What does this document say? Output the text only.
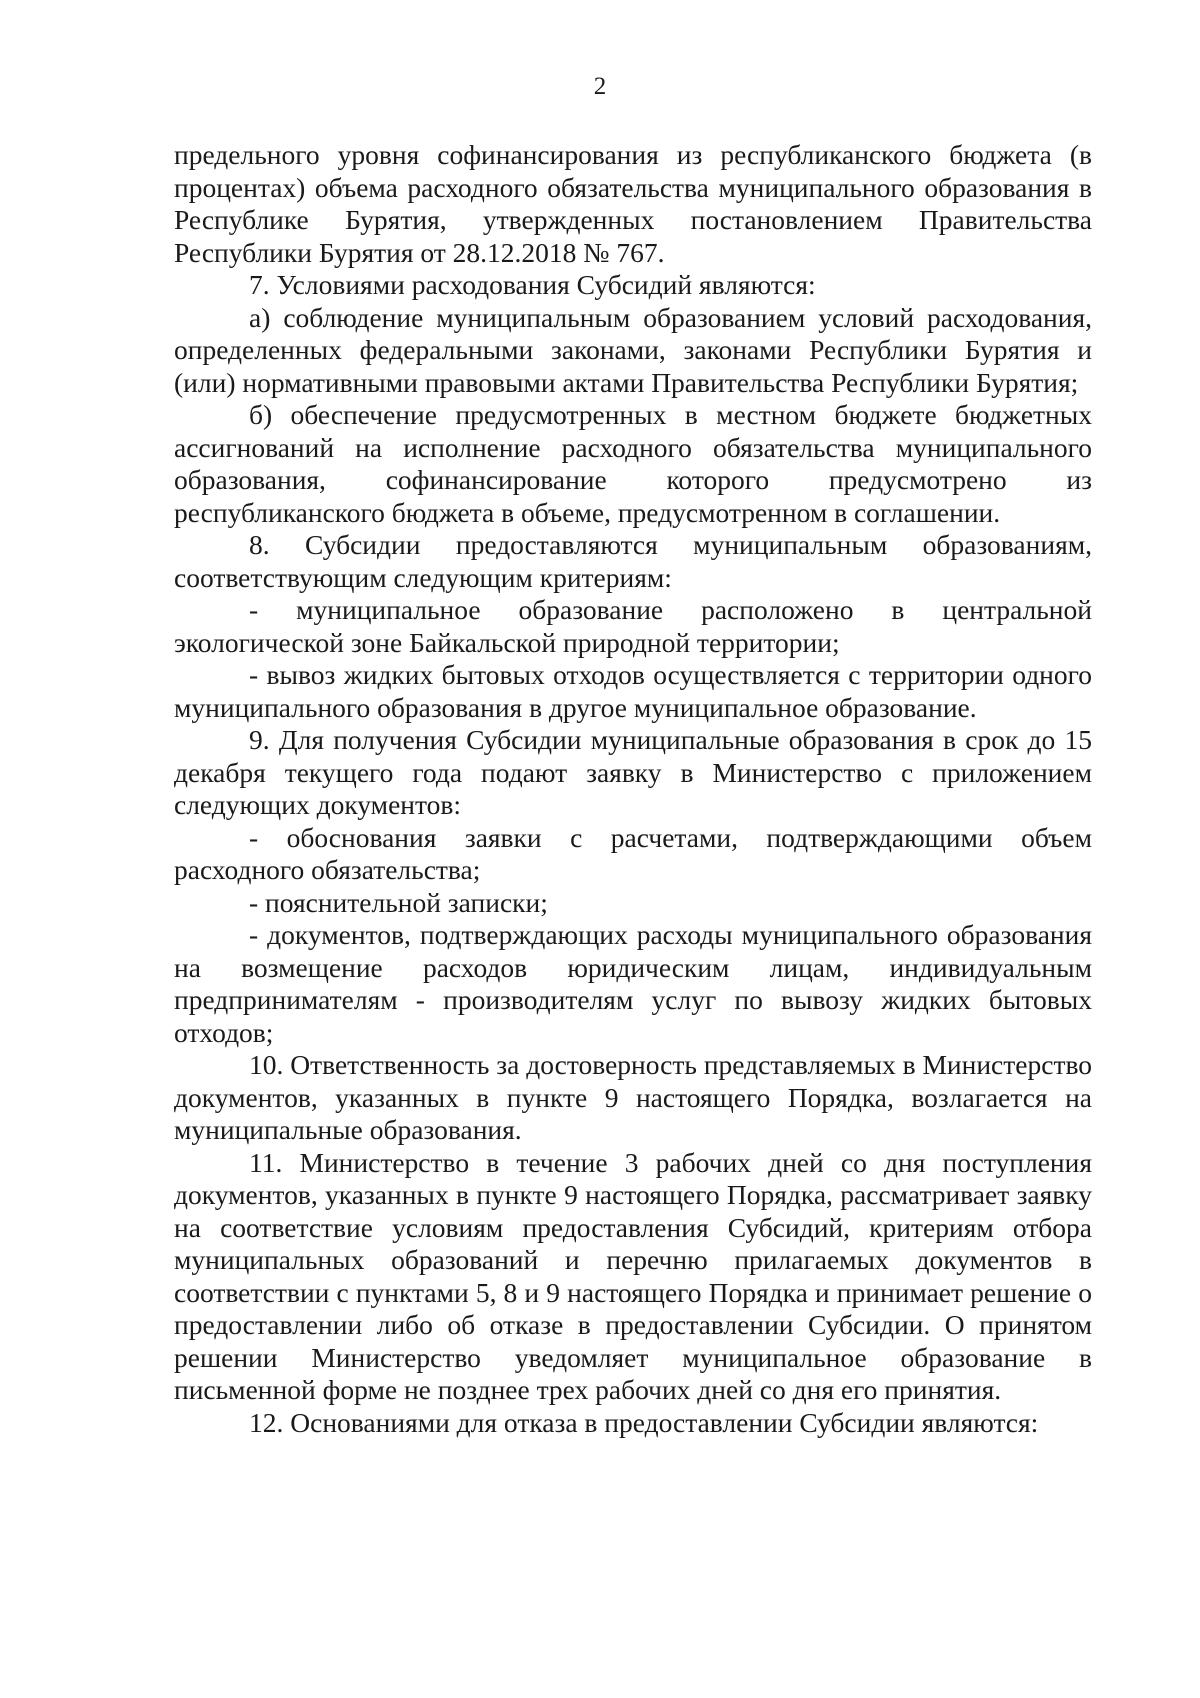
2

предельного уровня софинансирования из республиканского бюджета (в процентах) объема расходного обязательства муниципального образования в Республике Бурятия, утвержденных постановлением Правительства Республики Бурятия от 28.12.2018 № 767.

7. Условиями расходования Субсидий являются:

а) соблюдение муниципальным образованием условий расходования, определенных федеральными законами, законами Республики Бурятия и (или) нормативными правовыми актами Правительства Республики Бурятия;

б) обеспечение предусмотренных в местном бюджете бюджетных ассигнований на исполнение расходного обязательства муниципального образования, софинансирование которого предусмотрено из республиканского бюджета в объеме, предусмотренном в соглашении.

8. Субсидии предоставляются муниципальным образованиям, соответствующим следующим критериям:

- муниципальное образование расположено в центральной экологической зоне Байкальской природной территории;

- вывоз жидких бытовых отходов осуществляется с территории одного муниципального образования в другое муниципальное образование.

9. Для получения Субсидии муниципальные образования в срок до 15 декабря текущего года подают заявку в Министерство с приложением следующих документов:

- обоснования заявки с расчетами, подтверждающими объем расходного обязательства;

- пояснительной записки;

- документов, подтверждающих расходы муниципального образования на возмещение расходов юридическим лицам, индивидуальным предпринимателям - производителям услуг по вывозу жидких бытовых отходов;

10. Ответственность за достоверность представляемых в Министерство документов, указанных в пункте 9 настоящего Порядка, возлагается на муниципальные образования.

11. Министерство в течение 3 рабочих дней со дня поступления документов, указанных в пункте 9 настоящего Порядка, рассматривает заявку на соответствие условиям предоставления Субсидий, критериям отбора муниципальных образований и перечню прилагаемых документов в соответствии с пунктами 5, 8 и 9 настоящего Порядка и принимает решение о предоставлении либо об отказе в предоставлении Субсидии. О принятом решении Министерство уведомляет муниципальное образование в письменной форме не позднее трех рабочих дней со дня его принятия.

12. Основаниями для отказа в предоставлении Субсидии являются:
